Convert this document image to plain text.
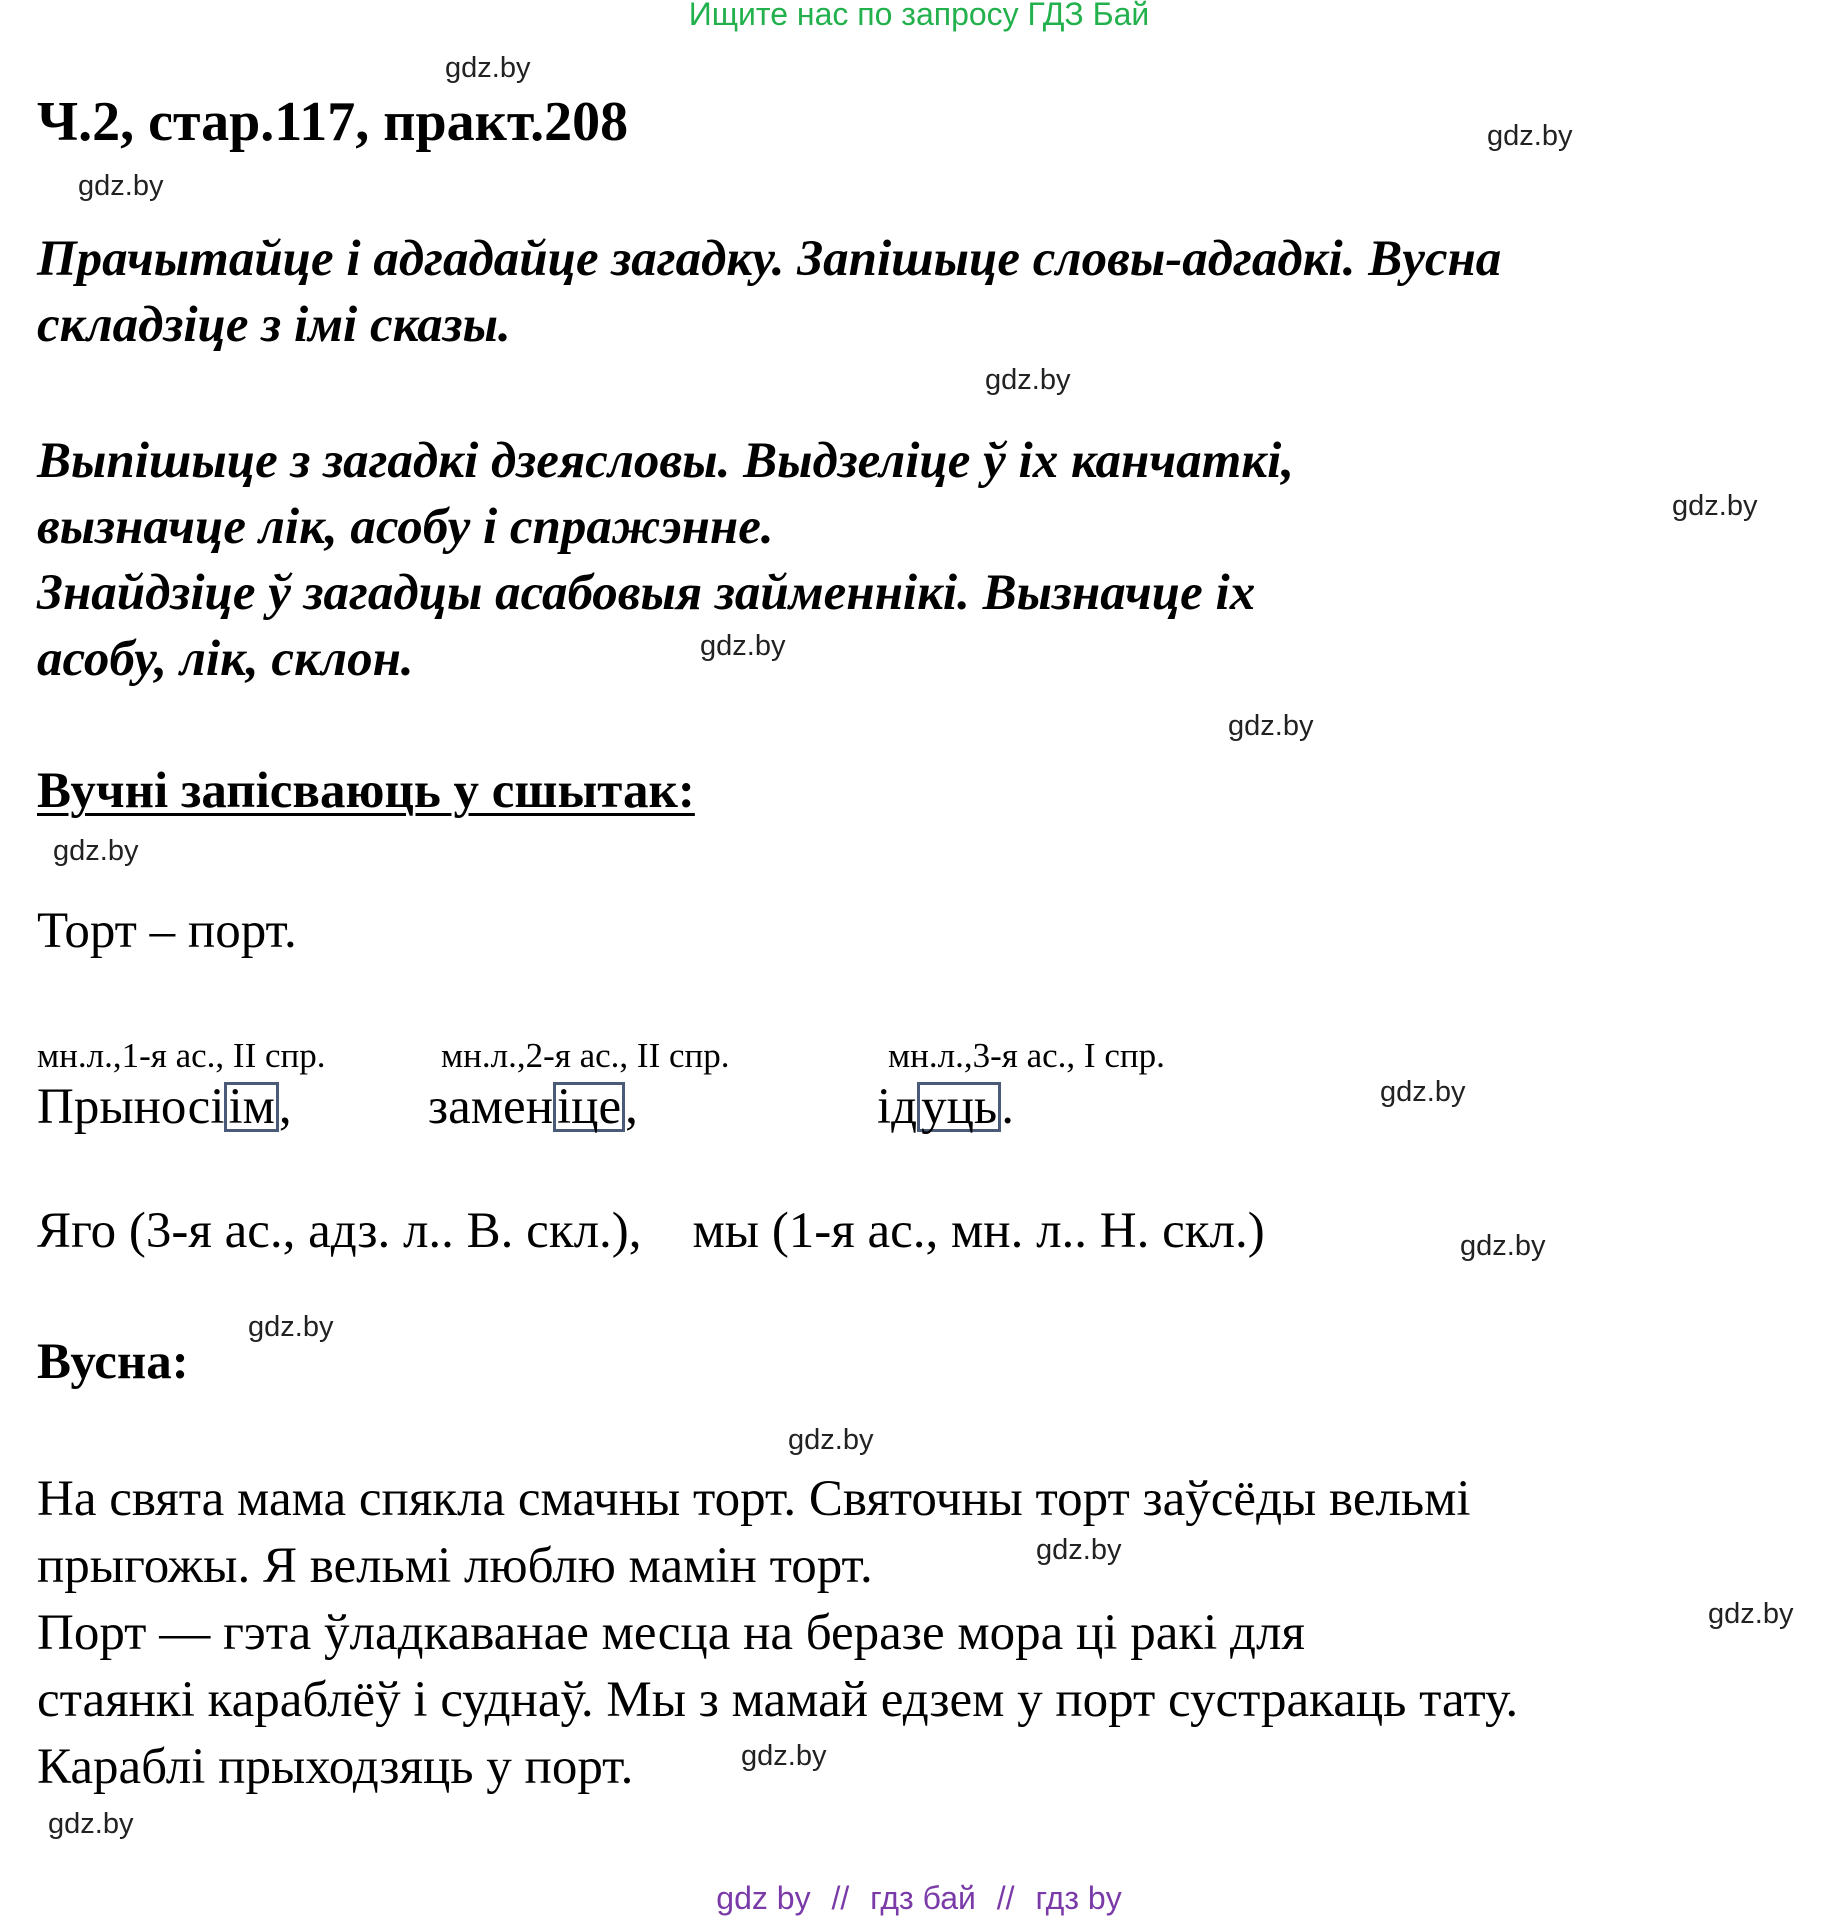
Ищите нас по запросу ГДЗ Бай
Ч.2, стар.117, практ.208
Прачытайце і адгадайце загадку. Запішыце словы-адгадкі. Вусна
складзіце з імі сказы.
Выпішыце з загадкі дзеясловы. Выдзеліце ў іх канчаткі,
вызначце лік, асобу і спражэнне.
Знайдзіце ў загадцы асабовыя займеннікі. Вызначце іх
асобу, лік, склон.
Вучні запісваюць у сшытак:
Торт – порт.
мн.л.,1-я ас., ІІ спр.	мн.л.,2-я ас., ІІ спр.	мн.л.,3-я ас., І спр.
Прыносіім,	заменіце,	ідуць.
Яго (3-я ас., адз. л.. В. скл.),    мы (1-я ас., мн. л.. Н. скл.)
Вусна:
На свята мама спякла смачны торт. Святочны торт заўсёды вельмі
прыгожы. Я вельмі люблю мамін торт.
Порт — гэта ўладкаванае месца на беразе мора ці ракі для
стаянкі караблёў і суднаў. Мы з мамай едзем у порт сустракаць тату.
Караблі прыходзяць у порт.
gdz.by
gdz.by
gdz.by
gdz.by
gdz.by
gdz.by
gdz.by
gdz.by
gdz.by
gdz.by
gdz.by
gdz.by
gdz.by
gdz.by
gdz.by
gdz.by
gdz by // гдз бай // гдз by
